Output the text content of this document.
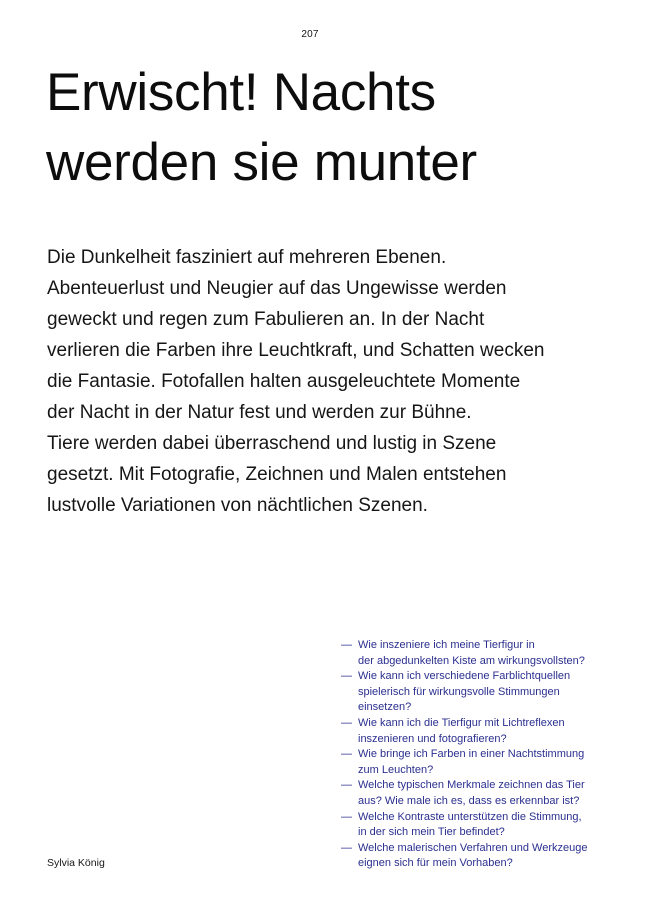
207
Erwischt! Nachts
werden sie munter

Die Dunkelheit fasziniert auf mehreren Ebenen.
Abenteuerlust und Neugier auf das Ungewisse werden
geweckt und regen zum Fabulieren an. In der Nacht
verlieren die Farben ihre Leuchtkraft, und Schatten wecken
die Fantasie. Fotofallen halten ausgeleuchtete Momente
der Nacht in der Natur fest und werden zur Bühne.
Tiere werden dabei überraschend und lustig in Szene
gesetzt. Mit Fotografie, Zeichnen und Malen entstehen
lustvolle Variationen von nächtlichen Szenen.

— Wie inszeniere ich meine Tierfigur in
der abgedunkelten Kiste am wirkungsvollsten?
— Wie kann ich verschiedene Farblichtquellen
spielerisch für wirkungsvolle Stimmungen
einsetzen?
— Wie kann ich die Tierfigur mit Lichtreflexen
inszenieren und fotografieren?
— Wie bringe ich Farben in einer Nachtstimmung
zum Leuchten?
— Welche typischen Merkmale zeichnen das Tier
aus? Wie male ich es, dass es erkennbar ist?
— Welche Kontraste unterstützen die Stimmung,
in der sich mein Tier befindet?
— Welche malerischen Verfahren und Werkzeuge
eignen sich für mein Vorhaben?
Sylvia König
